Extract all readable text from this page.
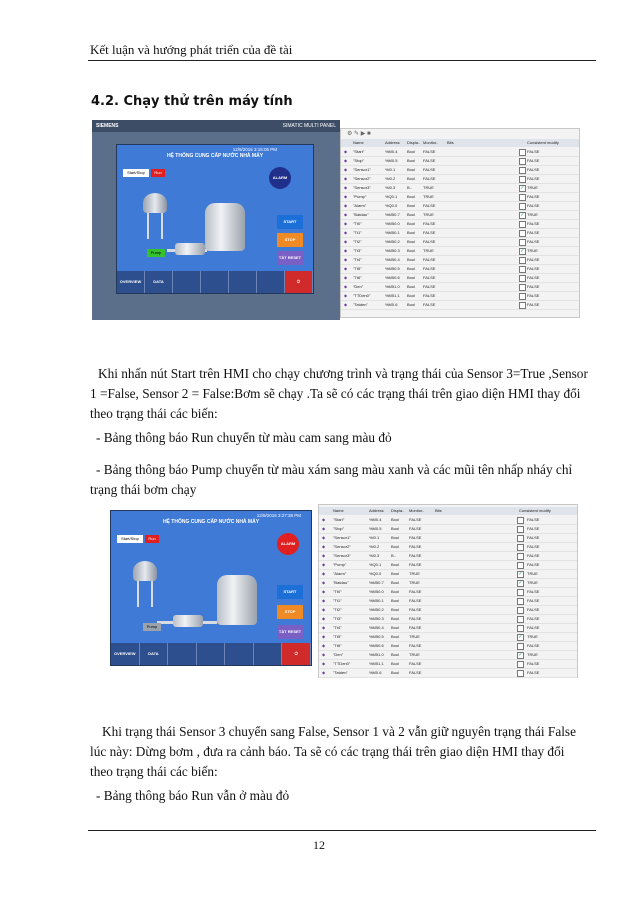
Kết luận và hướng phát triển của đề tài
4.2. Chạy thử trên máy tính
SIEMENS	SIMATIC MULTI PANEL
HỆ THỐNG CUNG CẤP NƯỚC NHÀ MÁY
12/9/2015 3:15:05 PM
Start/Stop	Run
ALARM
Pump
START
STOP
TẮT RESET
OVERVIEW	DATA	⏻
⚙ ✎ ▶ ■
Name	Address Displa.. Monitor.. Bits	Consistent modify
◆ "Start"	%M0.4 Bool FALSE	FALSE
◆ "Stop"	%M0.5 Bool FALSE	FALSE
◆ "Sensor1"	%I0.1	Bool FALSE	FALSE
◆ "Sensor2"	%I0.2	Bool FALSE	FALSE
◆ "Sensor3"	%I0.3	B..	TRUE	TRUE
✓
◆ "Pump"	%Q0.1 Bool TRUE	FALSE
◆ "Alarm"	%Q0.0 Bool FALSE	FALSE
◆ "Batdau"	%M50.7 Bool TRUE	TRUE
✓
◆ "Tt0"	%M50.0 Bool FALSE	FALSE
◆ "Tt1"	%M50.1 Bool FALSE	FALSE
◆ "Tt2"	%M50.2 Bool FALSE	FALSE
◆ "Tt3"	%M50.3 Bool TRUE	TRUE
✓
◆ "Tt4"	%M50.4 Bool FALSE	FALSE
◆ "Tt5"	%M50.5 Bool FALSE	FALSE
◆ "Tt6"	%M50.6 Bool FALSE	FALSE
◆ "Den"	%M51.0 Bool FALSE	FALSE
◆ "TTDen0"	%M51.1 Bool FALSE	FALSE
◆ "Tatden"	%M0.6 Bool FALSE	FALSE
Khi nhấn nút Start trên HMI cho chạy chương trình và trạng thái của Sensor 3=True ,Sensor 1 =False, Sensor 2 = False:Bơm sẽ chạy .Ta sẽ có các trạng thái trên giao diện HMI thay đổi theo trạng thái các biến:
- Bảng thông báo Run chuyển từ màu cam sang màu đỏ
- Bảng thông báo Pump chuyển từ màu xám sang màu xanh và các mũi tên nhấp nháy chỉ trạng thái bơm chạy
HỆ THỐNG CUNG CẤP NƯỚC NHÀ MÁY
12/9/2015 3:27:38 PM
Start/Stop	Run
ALARM
Pump
START
STOP
TẮT RESET
OVERVIEW	DATA	⏻
Name	Address Displa.. Monitor..	Bits	Consistent modify
◆ "Start"	%M0.4 Bool FALSE	FALSE
◆ "Stop"	%M0.5 Bool FALSE	FALSE
◆ "Sensor1"	%I0.1	Bool FALSE	FALSE
◆ "Sensor2"	%I0.2	Bool FALSE	FALSE
◆ "Sensor3"	%I0.3	B..	FALSE	FALSE
◆ "Pump"	%Q0.1 Bool FALSE	FALSE
◆ "Alarm"	%Q0.0 Bool TRUE	TRUE
✓
◆ "Batdau"	%M50.7 Bool TRUE	TRUE
✓
◆ "Tt0"	%M50.0 Bool FALSE	FALSE
◆ "Tt1"	%M50.1 Bool FALSE	FALSE
◆ "Tt2"	%M50.2 Bool FALSE	FALSE
◆ "Tt3"	%M50.3 Bool FALSE	FALSE
◆ "Tt4"	%M50.4 Bool FALSE	FALSE
◆ "Tt5"	%M50.5 Bool TRUE	TRUE
✓
◆ "Tt6"	%M50.6 Bool FALSE	FALSE
◆ "Den"	%M51.0 Bool TRUE	TRUE
✓
◆ "TTDen0"	%M51.1 Bool FALSE	FALSE
◆ "Tatden"	%M0.6 Bool FALSE	FALSE
Khi trạng thái Sensor 3 chuyển sang False, Sensor 1 và 2 vẫn giữ nguyên trạng thái False lúc này: Dừng bơm , đưa ra cảnh báo. Ta sẽ có các trạng thái trên giao diện HMI thay đổi theo trạng thái các biến:
- Bảng thông báo Run vẫn ở màu đỏ
12
